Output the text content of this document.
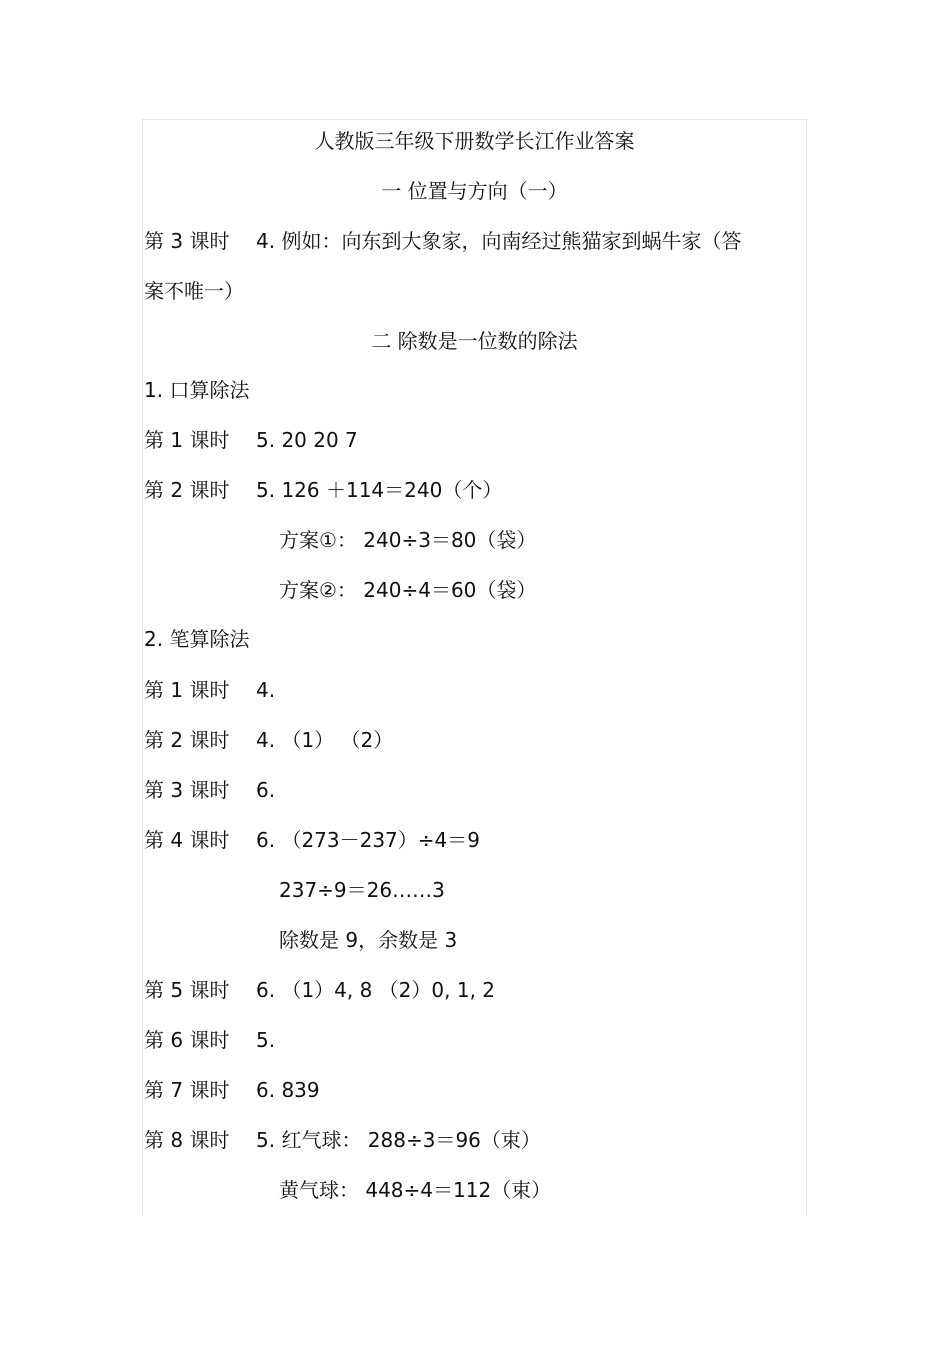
人教版三年级下册数学长江作业答案
一 位置与方向（一）
第 3 课时 4. 例如：向东到大象家，向南经过熊猫家到蜗牛家（答
案不唯一）
二 除数是一位数的除法
1. 口算除法
第 1 课时 5. 20 20 7
第 2 课时 5. 126 ＋114＝240（个）
方案①： 240÷3＝80（袋）
方案②： 240÷4＝60（袋）
2. 笔算除法
第 1 课时 4.
第 2 课时 4. （1） （2）
第 3 课时 6.
第 4 课时 6. （273－237）÷4＝9
237÷9＝26……3
除数是 9，余数是 3
第 5 课时 6. （1）4, 8 （2）0, 1, 2
第 6 课时 5.
第 7 课时 6. 839
第 8 课时 5. 红气球： 288÷3＝96（束）
黄气球： 448÷4＝112（束）
